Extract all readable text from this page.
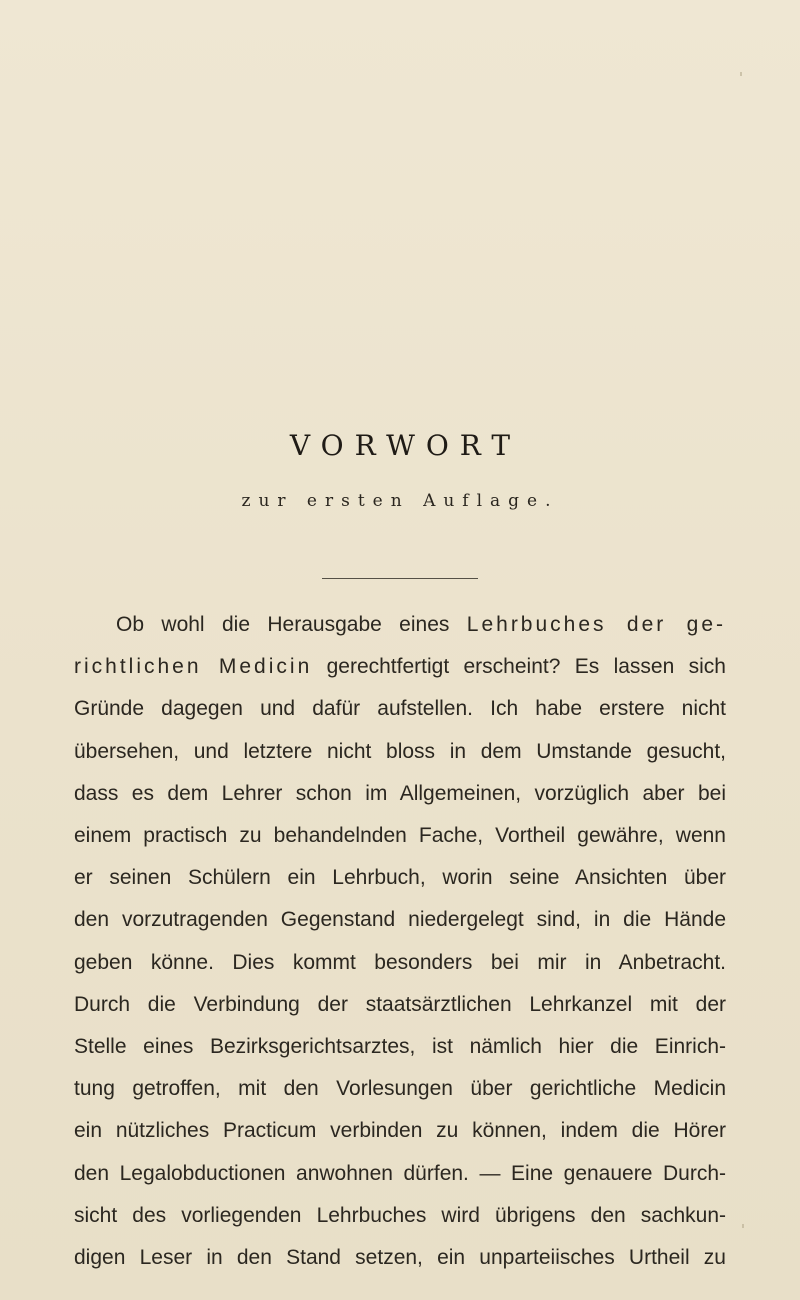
VORWORT
zur ersten Auflage.
Ob wohl die Herausgabe eines Lehrbuches der ge-
richtlichen Medicin gerechtfertigt erscheint? Es lassen sich
Gründe dagegen und dafür aufstellen. Ich habe erstere nicht
übersehen, und letztere nicht bloss in dem Umstande gesucht,
dass es dem Lehrer schon im Allgemeinen, vorzüglich aber bei
einem practisch zu behandelnden Fache, Vortheil gewähre, wenn
er seinen Schülern ein Lehrbuch, worin seine Ansichten über
den vorzutragenden Gegenstand niedergelegt sind, in die Hände
geben könne. Dies kommt besonders bei mir in Anbetracht.
Durch die Verbindung der staatsärztlichen Lehrkanzel mit der
Stelle eines Bezirksgerichtsarztes, ist nämlich hier die Einrich-
tung getroffen, mit den Vorlesungen über gerichtliche Medicin
ein nützliches Practicum verbinden zu können, indem die Hörer
den Legalobductionen anwohnen dürfen. — Eine genauere Durch-
sicht des vorliegenden Lehrbuches wird übrigens den sachkun-
digen Leser in den Stand setzen, ein unparteiisches Urtheil zu
